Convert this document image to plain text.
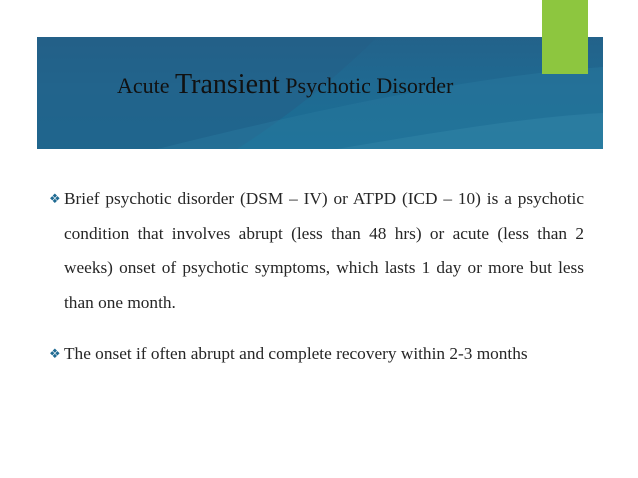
Acute Transient Psychotic Disorder

❖ Brief psychotic disorder (DSM – IV) or ATPD (ICD – 10) is a psychotic condition that involves abrupt (less than 48 hrs) or acute (less than 2 weeks) onset of psychotic symptoms, which lasts 1 day or more but less than one month.

❖ The onset if often abrupt and complete recovery within 2-3 months
